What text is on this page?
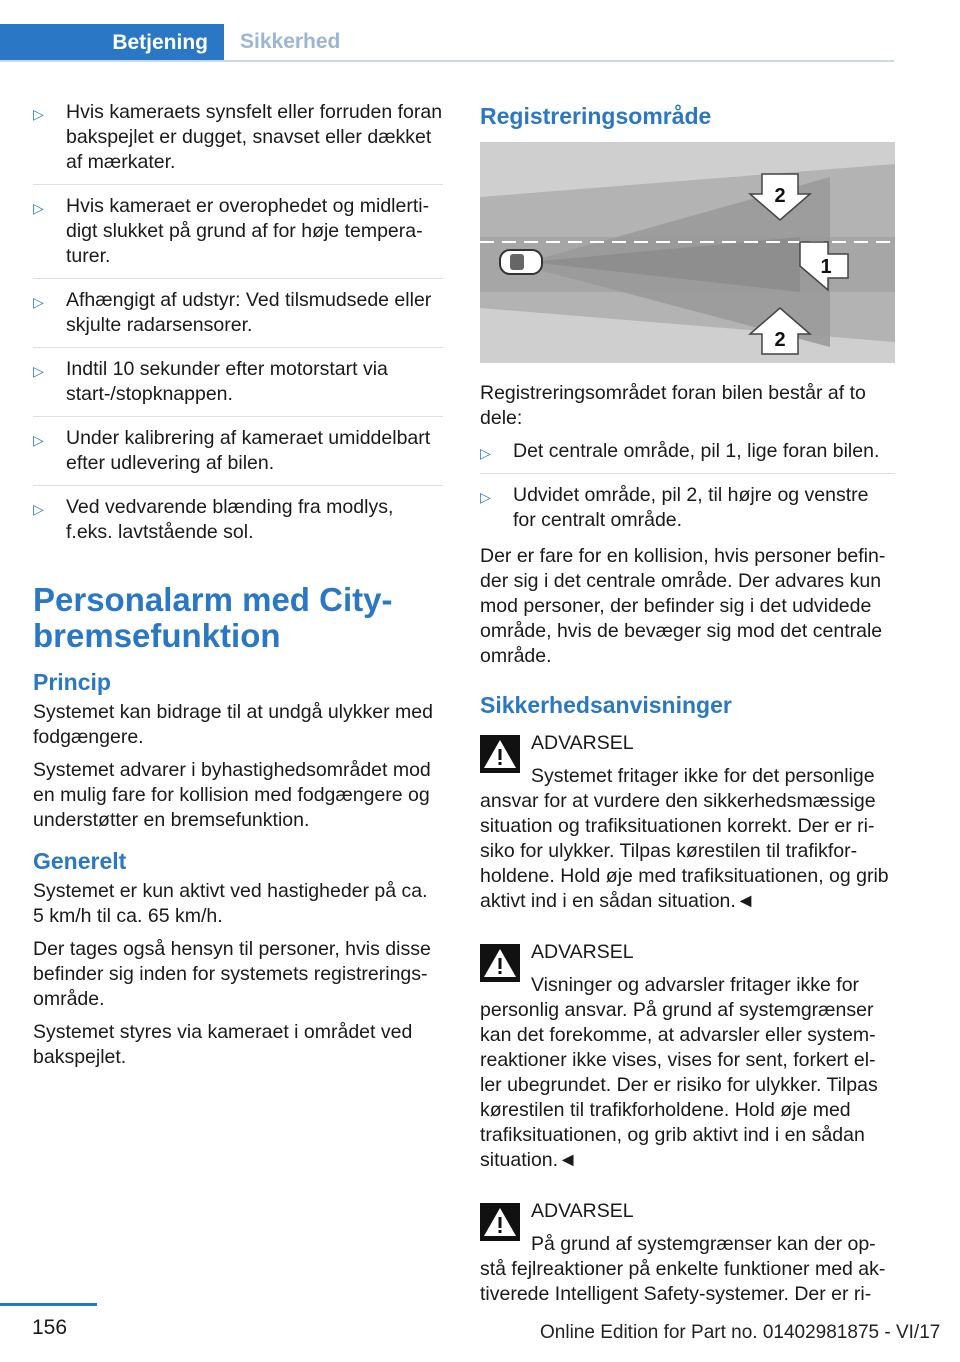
Betjening	Sikkerhed
▷ Hvis kameraets synsfelt eller forruden foran bakspejlet er dugget, snavset eller dækket af mærkater.
▷ Hvis kameraet er overophedet og midlerti‐digt slukket på grund af for høje tempera‐turer.
▷ Afhængigt af udstyr: Ved tilsmudsede eller skjulte radarsensorer.
▷ Indtil 10 sekunder efter motorstart via start-/stopknappen.
▷ Under kalibrering af kameraet umiddelbart efter udlevering af bilen.
▷ Ved vedvarende blænding fra modlys, f.eks. lavtstående sol.
Personalarm med City-bremsefunktion
Princip

Systemet kan bidrage til at undgå ulykker med fodgængere.

Systemet advarer i byhastighedsområdet mod en mulig fare for kollision med fodgængere og understøtter en bremsefunktion.

Generelt

Systemet er kun aktivt ved hastigheder på ca. 5 km/h til ca. 65 km/h.

Der tages også hensyn til personer, hvis disse befinder sig inden for systemets registrerings‐område.

Systemet styres via kameraet i området ved bakspejlet.

Registreringsområde
2
1
2

Registreringsområdet foran bilen består af to dele:

▷ Det centrale område, pil 1, lige foran bilen.
▷ Udvidet område, pil 2, til højre og venstre for centralt område.

Der er fare for en kollision, hvis personer befin‐der sig i det centrale område. Der advares kun mod personer, der befinder sig i det udvidede område, hvis de bevæger sig mod det centrale område.

Sikkerhedsanvisninger
ADVARSEL
Systemet fritager ikke for det personlige
ansvar for at vurdere den sikkerhedsmæssige situation og trafiksituationen korrekt. Der er ri‐siko for ulykker. Tilpas kørestilen til trafikfor‐holdene. Hold øje med trafiksituationen, og grib aktivt ind i en sådan situation.◄
ADVARSEL
Visninger og advarsler fritager ikke for
personlig ansvar. På grund af systemgrænser kan det forekomme, at advarsler eller system‐reaktioner ikke vises, vises for sent, forkert el‐ler ubegrundet. Der er risiko for ulykker. Tilpas kørestilen til trafikforholdene. Hold øje med trafiksituationen, og grib aktivt ind i en sådan situation.◄
ADVARSEL
På grund af systemgrænser kan der op‐
stå fejlreaktioner på enkelte funktioner med ak‐tiverede Intelligent Safety-systemer. Der er ri‐
156	Online Edition for Part no. 01402981875 - VI/17
